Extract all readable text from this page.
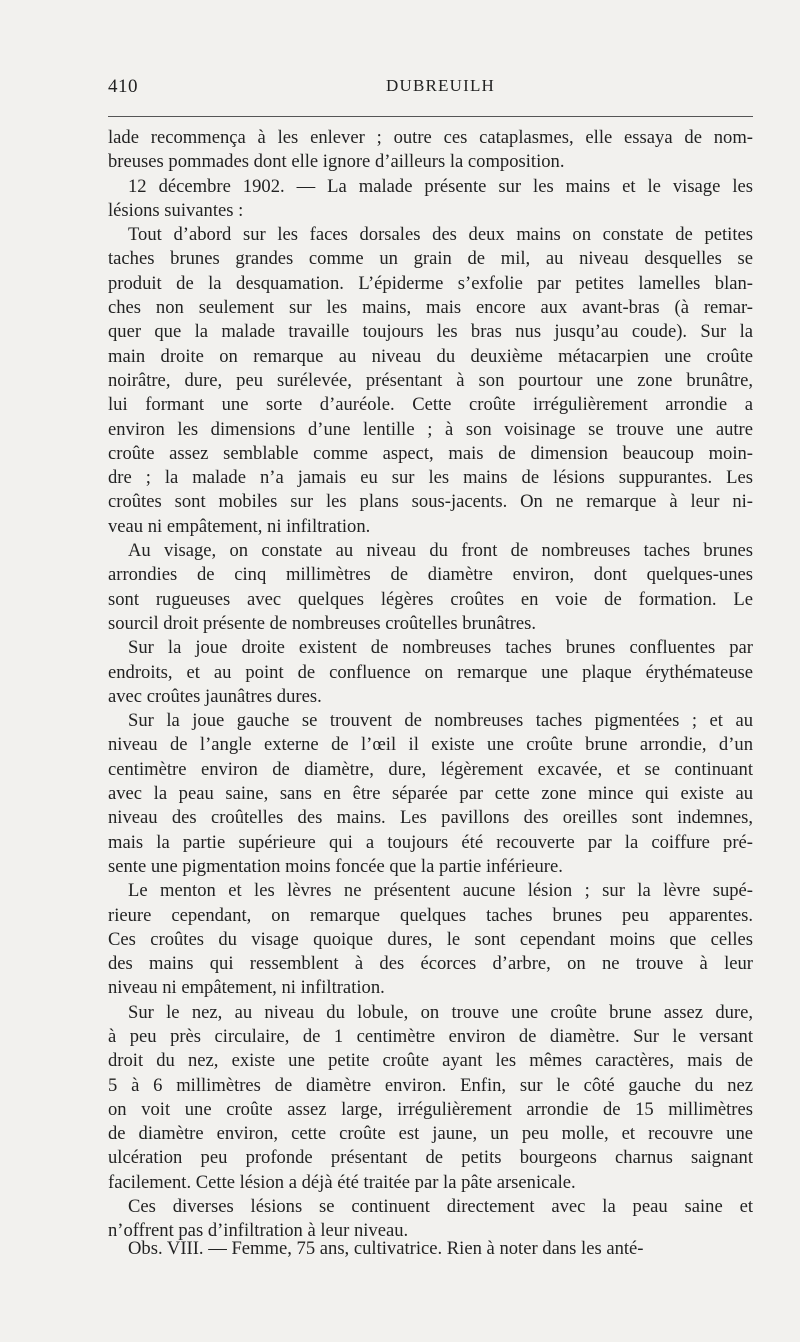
410	DUBREUILH
lade recommença à les enlever ; outre ces cataplasmes, elle essaya de nom-
breuses pommades dont elle ignore d’ailleurs la composition.
12 décembre 1902. — La malade présente sur les mains et le visage les
lésions suivantes :
Tout d’abord sur les faces dorsales des deux mains on constate de petites
taches brunes grandes comme un grain de mil, au niveau desquelles se
produit de la desquamation. L’épiderme s’exfolie par petites lamelles blan-
ches non seulement sur les mains, mais encore aux avant-bras (à remar-
quer que la malade travaille toujours les bras nus jusqu’au coude). Sur la
main droite on remarque au niveau du deuxième métacarpien une croûte
noirâtre, dure, peu surélevée, présentant à son pourtour une zone brunâtre,
lui formant une sorte d’auréole. Cette croûte irrégulièrement arrondie a
environ les dimensions d’une lentille ; à son voisinage se trouve une autre
croûte assez semblable comme aspect, mais de dimension beaucoup moin-
dre ; la malade n’a jamais eu sur les mains de lésions suppurantes. Les
croûtes sont mobiles sur les plans sous-jacents. On ne remarque à leur ni-
veau ni empâtement, ni infiltration.
Au visage, on constate au niveau du front de nombreuses taches brunes
arrondies de cinq millimètres de diamètre environ, dont quelques-unes
sont rugueuses avec quelques légères croûtes en voie de formation. Le
sourcil droit présente de nombreuses croûtelles brunâtres.
Sur la joue droite existent de nombreuses taches brunes confluentes par
endroits, et au point de confluence on remarque une plaque érythémateuse
avec croûtes jaunâtres dures.
Sur la joue gauche se trouvent de nombreuses taches pigmentées ; et au
niveau de l’angle externe de l’œil il existe une croûte brune arrondie, d’un
centimètre environ de diamètre, dure, légèrement excavée, et se continuant
avec la peau saine, sans en être séparée par cette zone mince qui existe au
niveau des croûtelles des mains. Les pavillons des oreilles sont indemnes,
mais la partie supérieure qui a toujours été recouverte par la coiffure pré-
sente une pigmentation moins foncée que la partie inférieure.
Le menton et les lèvres ne présentent aucune lésion ; sur la lèvre supé-
rieure cependant, on remarque quelques taches brunes peu apparentes.
Ces croûtes du visage quoique dures, le sont cependant moins que celles
des mains qui ressemblent à des écorces d’arbre, on ne trouve à leur
niveau ni empâtement, ni infiltration.
Sur le nez, au niveau du lobule, on trouve une croûte brune assez dure,
à peu près circulaire, de 1 centimètre environ de diamètre. Sur le versant
droit du nez, existe une petite croûte ayant les mêmes caractères, mais de
5 à 6 millimètres de diamètre environ. Enfin, sur le côté gauche du nez
on voit une croûte assez large, irrégulièrement arrondie de 15 millimètres
de diamètre environ, cette croûte est jaune, un peu molle, et recouvre une
ulcération peu profonde présentant de petits bourgeons charnus saignant
facilement. Cette lésion a déjà été traitée par la pâte arsenicale.
Ces diverses lésions se continuent directement avec la peau saine et
n’offrent pas d’infiltration à leur niveau.
Obs. VIII. — Femme, 75 ans, cultivatrice. Rien à noter dans les anté-
